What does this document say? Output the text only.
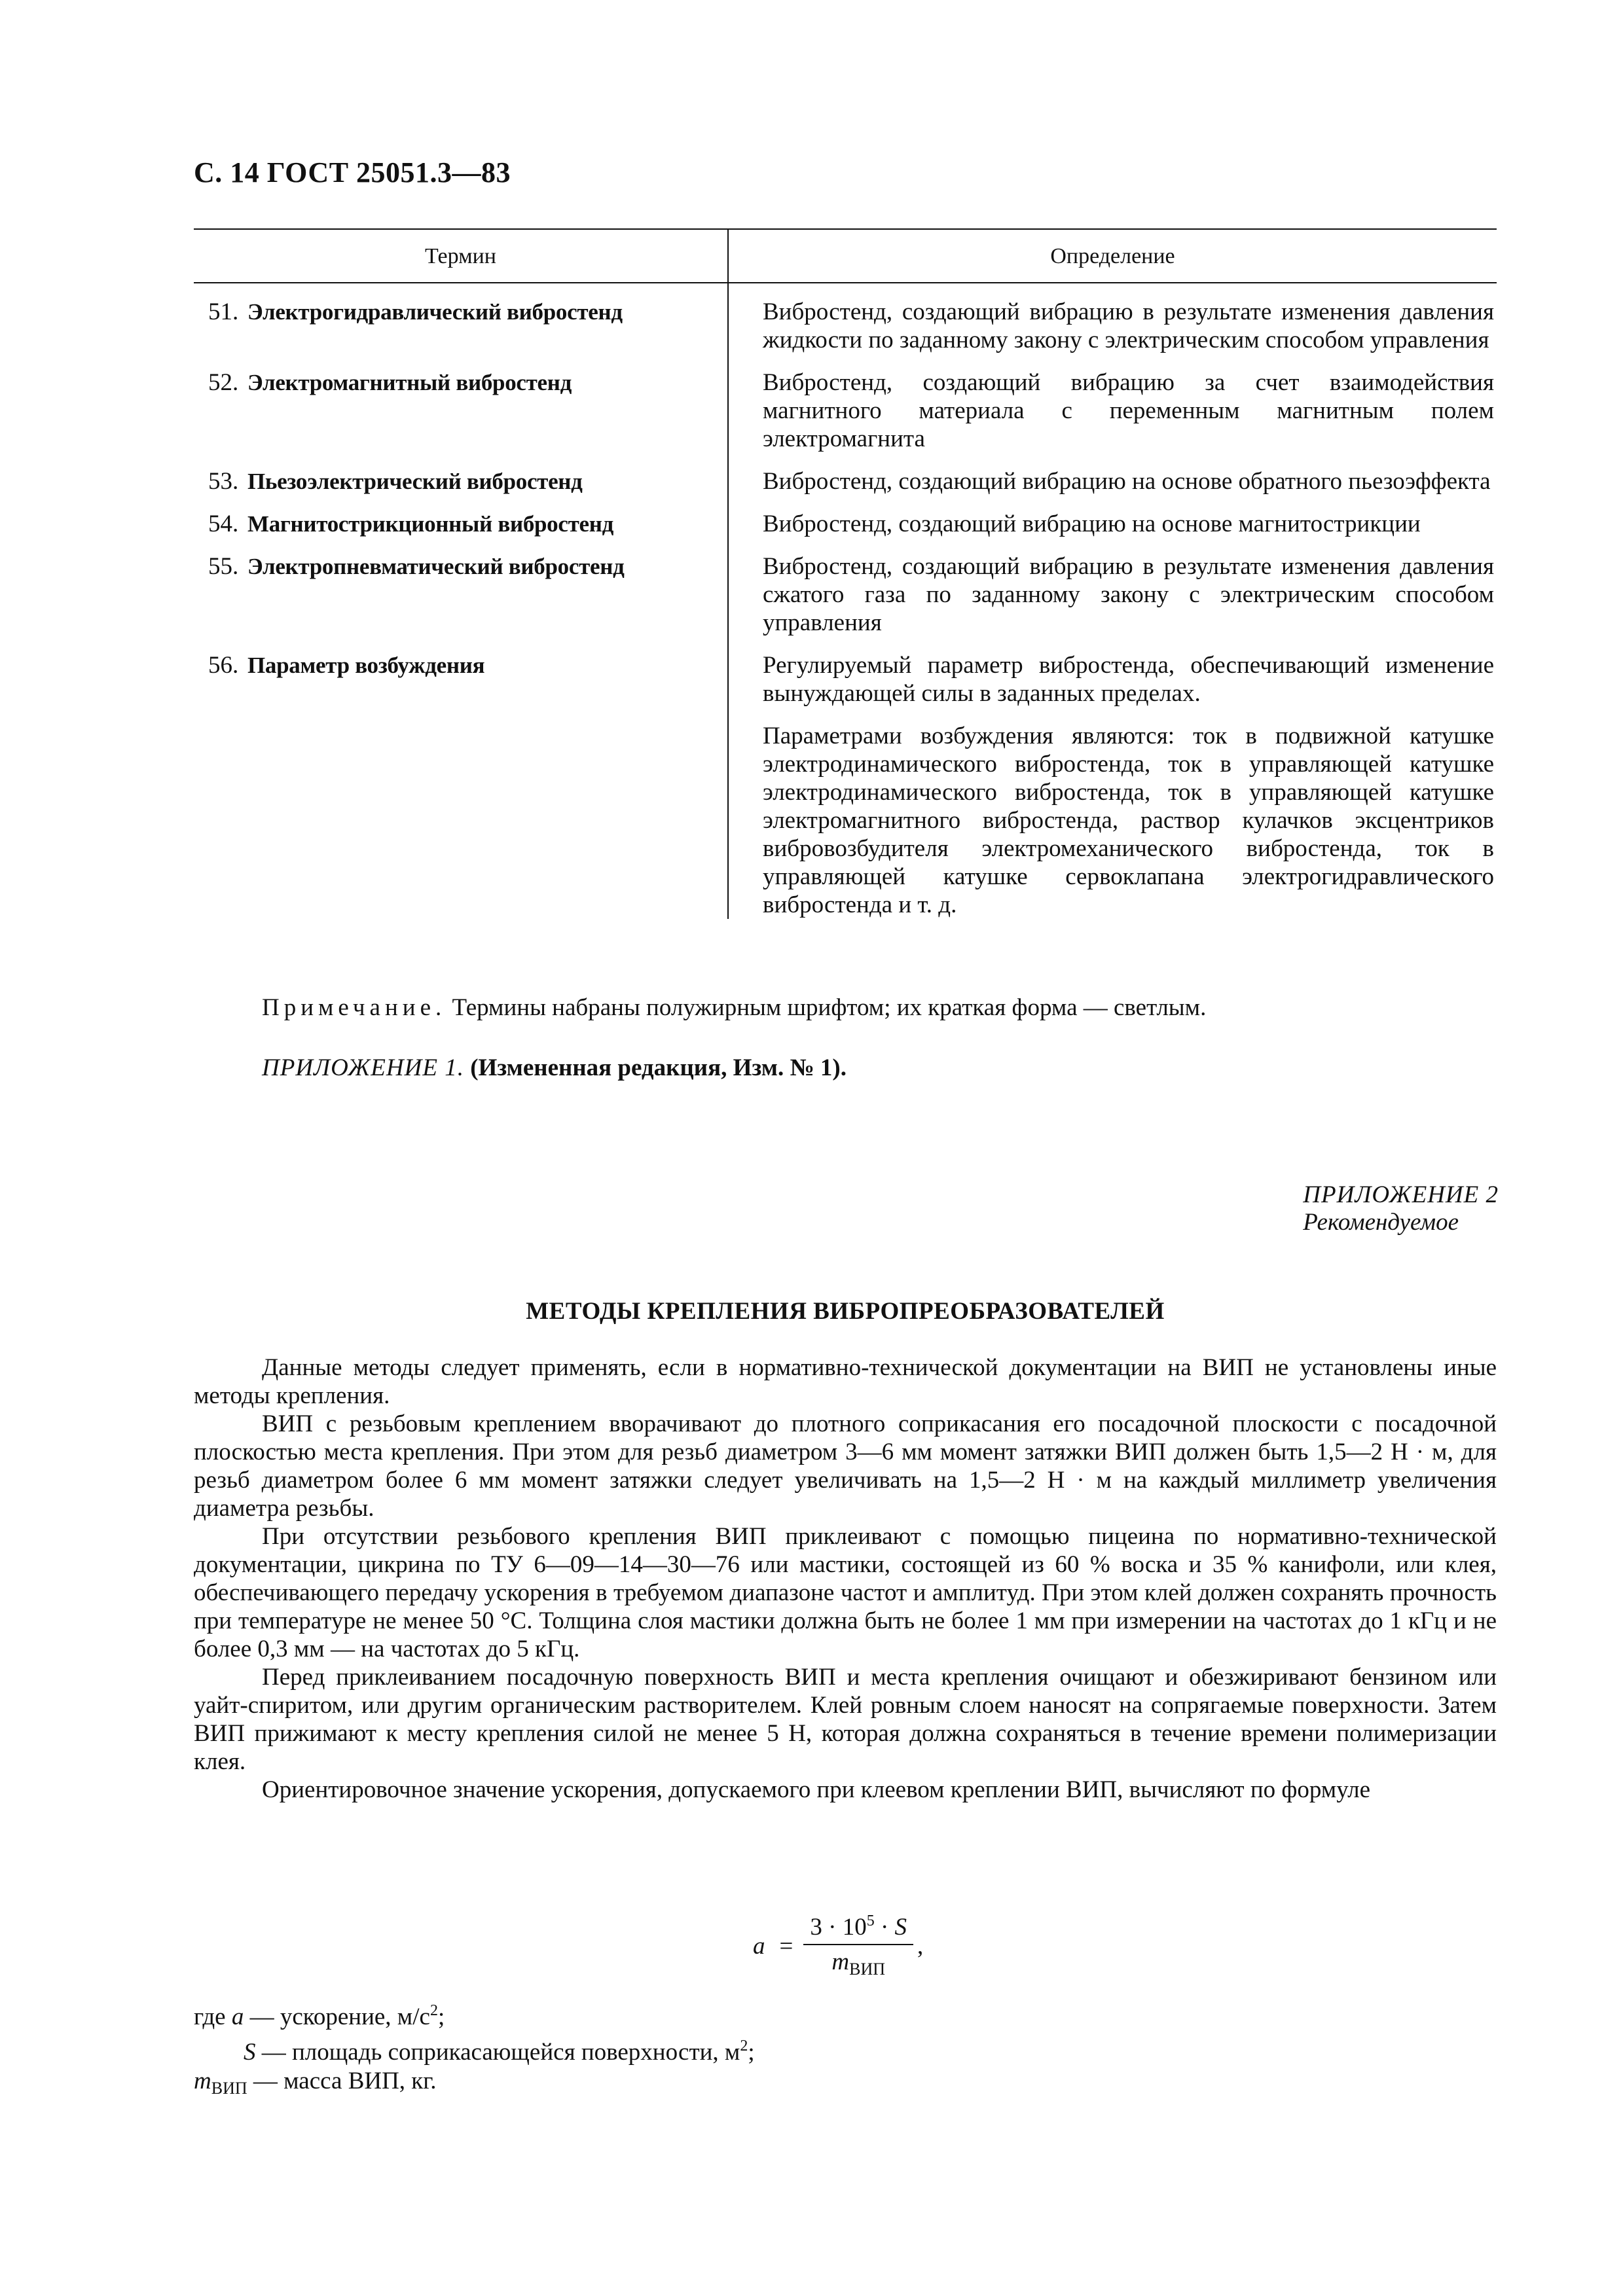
С. 14 ГОСТ 25051.3—83
Термин	Определение
51. Электрогидравлический вибростенд	Вибростенд, создающий вибрацию в результате изменения давления жидкости по заданному закону с электрическим способом управления

52. Электромагнитный вибростенд	Вибростенд, создающий вибрацию за счет взаимодействия магнитного материала с переменным магнитным полем электромагнита

53. Пьезоэлектрический вибростенд	Вибростенд, создающий вибрацию на основе обратного пьезоэффекта

54. Магнитострикционный вибростенд	Вибростенд, создающий вибрацию на основе магнитострикции

55. Электропневматический вибростенд	Вибростенд, создающий вибрацию в результате изменения давления сжатого газа по заданному закону с электрическим способом управления

56. Параметр возбуждения	Регулируемый параметр вибростенда, обеспечивающий изменение вынуждающей силы в заданных пределах.

Параметрами возбуждения являются: ток в подвижной катушке электродинамического вибростенда, ток в управляющей катушке электродинамического вибростенда, ток в управляющей катушке электромагнитного вибростенда, раствор кулачков эксцентриков вибровозбудителя электромеханического вибростенда, ток в управляющей катушке сервоклапана электрогидравлического вибростенда и т. д.

Примечание. Термины набраны полужирным шрифтом; их краткая форма — светлым.
ПРИЛОЖЕНИЕ 1. (Измененная редакция, Изм. № 1).
ПРИЛОЖЕНИЕ 2
Рекомендуемое
МЕТОДЫ КРЕПЛЕНИЯ ВИБРОПРЕОБРАЗОВАТЕЛЕЙ

Данные методы следует применять, если в нормативно-технической документации на ВИП не установлены иные методы крепления.

ВИП с резьбовым креплением вворачивают до плотного соприкасания его посадочной плоскости с посадочной плоскостью места крепления. При этом для резьб диаметром 3—6 мм момент затяжки ВИП должен быть 1,5—2 Н · м, для резьб диаметром более 6 мм момент затяжки следует увеличивать на 1,5—2 Н · м на каждый миллиметр увеличения диаметра резьбы.

При отсутствии резьбового крепления ВИП приклеивают с помощью пицеина по нормативно-технической документации, цикрина по ТУ 6—09—14—30—76 или мастики, состоящей из 60 % воска и 35 % канифоли, или клея, обеспечивающего передачу ускорения в требуемом диапазоне частот и амплитуд. При этом клей должен сохранять прочность при температуре не менее 50 °С. Толщина слоя мастики должна быть не более 1 мм при измерении на частотах до 1 кГц и не более 0,3 мм — на частотах до 5 кГц.

Перед приклеиванием посадочную поверхность ВИП и места крепления очищают и обезжиривают бензином или уайт-спиритом, или другим органическим растворителем. Клей ровным слоем наносят на сопрягаемые поверхности. Затем ВИП прижимают к месту крепления силой не менее 5 Н, которая должна сохраняться в течение времени полимеризации клея.

Ориентировочное значение ускорения, допускаемого при клеевом креплении ВИП, вычисляют по формуле

$a = \frac{3 \cdot 10^5 \cdot S}{m_{ВИП}}$ ,
где a — ускорение, $м/с^2$;
S — площадь соприкасающейся поверхности, $м^2$;
$m_{ВИП}$ — масса ВИП, кг.
